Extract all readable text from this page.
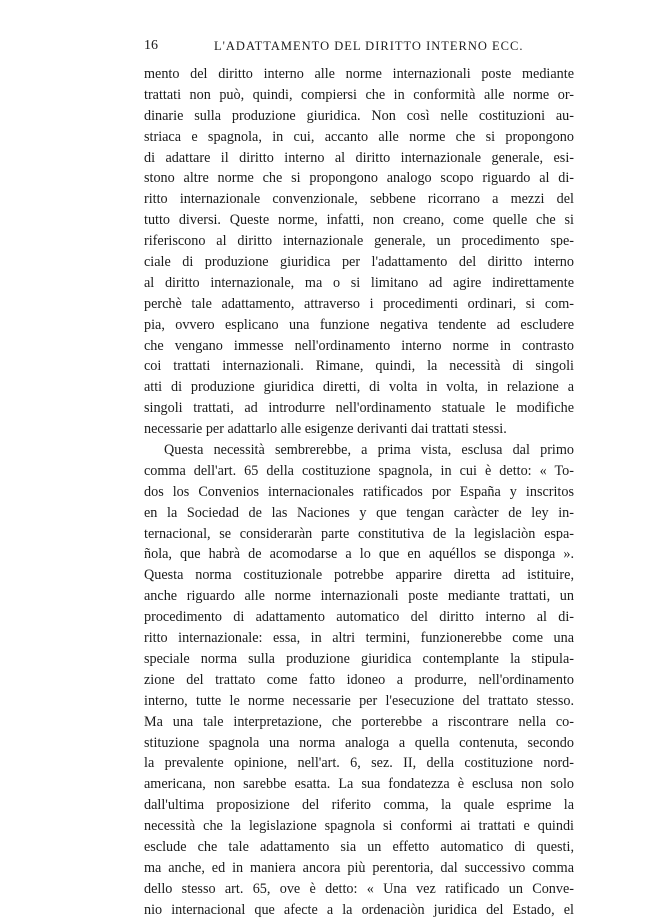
16	L'ADATTAMENTO DEL DIRITTO INTERNO ECC.
mento del diritto interno alle norme internazionali poste mediante
trattati non può, quindi, compiersi che in conformità alle norme or-
dinarie sulla produzione giuridica. Non così nelle costituzioni au-
striaca e spagnola, in cui, accanto alle norme che si propongono
di adattare il diritto interno al diritto internazionale generale, esi-
stono altre norme che si propongono analogo scopo riguardo al di-
ritto internazionale convenzionale, sebbene ricorrano a mezzi del
tutto diversi. Queste norme, infatti, non creano, come quelle che si
riferiscono al diritto internazionale generale, un procedimento spe-
ciale di produzione giuridica per l'adattamento del diritto interno
al diritto internazionale, ma o si limitano ad agire indirettamente
perchè tale adattamento, attraverso i procedimenti ordinari, si com-
pia, ovvero esplicano una funzione negativa tendente ad escludere
che vengano immesse nell'ordinamento interno norme in contrasto
coi trattati internazionali. Rimane, quindi, la necessità di singoli
atti di produzione giuridica diretti, di volta in volta, in relazione a
singoli trattati, ad introdurre nell'ordinamento statuale le modifiche
necessarie per adattarlo alle esigenze derivanti dai trattati stessi.
Questa necessità sembrerebbe, a prima vista, esclusa dal primo
comma dell'art. 65 della costituzione spagnola, in cui è detto: « To-
dos los Convenios internacionales ratificados por España y inscritos
en la Sociedad de las Naciones y que tengan caràcter de ley in-
ternacional, se consideraràn parte constitutiva de la legislaciòn espa-
ñola, que habrà de acomodarse a lo que en aquéllos se disponga ».
Questa norma costituzionale potrebbe apparire diretta ad istituire,
anche riguardo alle norme internazionali poste mediante trattati, un
procedimento di adattamento automatico del diritto interno al di-
ritto internazionale: essa, in altri termini, funzionerebbe come una
speciale norma sulla produzione giuridica contemplante la stipula-
zione del trattato come fatto idoneo a produrre, nell'ordinamento
interno, tutte le norme necessarie per l'esecuzione del trattato stesso.
Ma una tale interpretazione, che porterebbe a riscontrare nella co-
stituzione spagnola una norma analoga a quella contenuta, secondo
la prevalente opinione, nell'art. 6, sez. II, della costituzione nord-
americana, non sarebbe esatta. La sua fondatezza è esclusa non solo
dall'ultima proposizione del riferito comma, la quale esprime la
necessità che la legislazione spagnola si conformi ai trattati e quindi
esclude che tale adattamento sia un effetto automatico di questi,
ma anche, ed in maniera ancora più perentoria, dal successivo comma
dello stesso art. 65, ove è detto: « Una vez ratificado un Conve-
nio internacional que afecte a la ordenaciòn juridica del Estado, el
